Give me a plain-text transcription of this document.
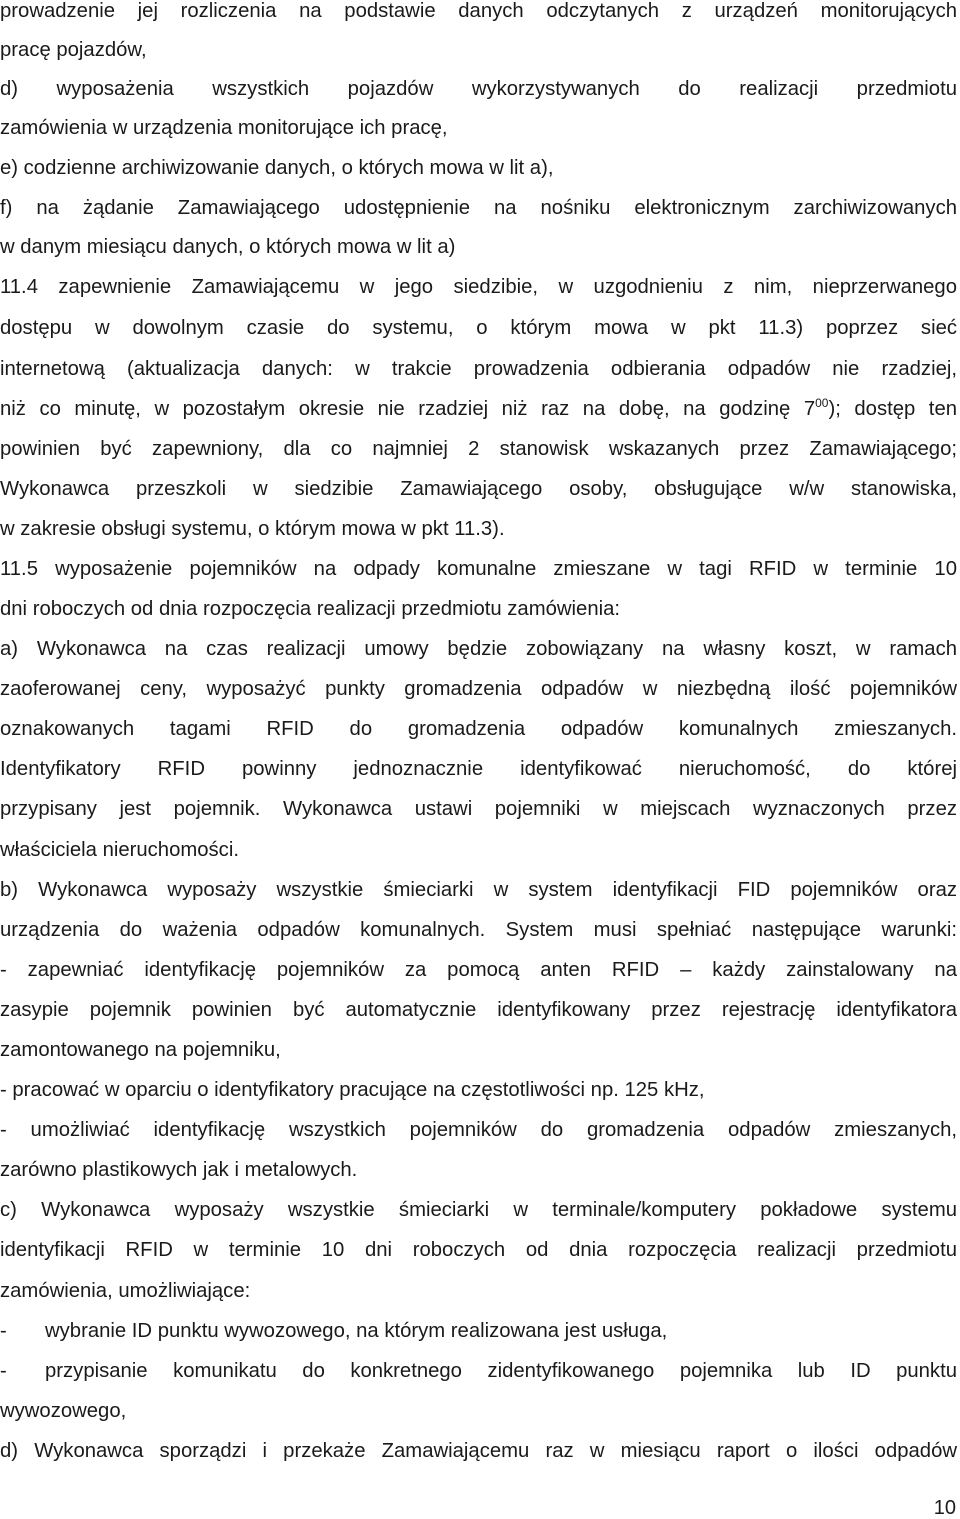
prowadzenie jej rozliczenia na podstawie danych odczytanych z urządzeń monitorujących
pracę pojazdów,
d) wyposażenia wszystkich pojazdów wykorzystywanych do realizacji przedmiotu
zamówienia w urządzenia monitorujące ich pracę,
e) codzienne archiwizowanie danych, o których mowa w lit a),
f) na żądanie Zamawiającego udostępnienie na nośniku elektronicznym zarchiwizowanych
w danym miesiącu danych, o których mowa w lit a)
11.4 zapewnienie Zamawiającemu w jego siedzibie, w uzgodnieniu z nim, nieprzerwanego
dostępu w dowolnym czasie do systemu, o którym mowa w pkt 11.3) poprzez sieć
internetową (aktualizacja danych: w trakcie prowadzenia odbierania odpadów nie rzadziej,
niż co minutę, w pozostałym okresie nie rzadziej niż raz na dobę, na godzinę $7^{00}$); dostęp ten
powinien być zapewniony, dla co najmniej 2 stanowisk wskazanych przez Zamawiającego;
Wykonawca przeszkoli w siedzibie Zamawiającego osoby, obsługujące w/w stanowiska,
w zakresie obsługi systemu, o którym mowa w pkt 11.3).
11.5 wyposażenie pojemników na odpady komunalne zmieszane w tagi RFID w terminie 10
dni roboczych od dnia rozpoczęcia realizacji przedmiotu zamówienia:
a) Wykonawca na czas realizacji umowy będzie zobowiązany na własny koszt, w ramach
zaoferowanej ceny, wyposażyć punkty gromadzenia odpadów w niezbędną ilość pojemników
oznakowanych tagami RFID do gromadzenia odpadów komunalnych zmieszanych.
Identyfikatory RFID powinny jednoznacznie identyfikować nieruchomość, do której
przypisany jest pojemnik. Wykonawca ustawi pojemniki w miejscach wyznaczonych przez
właściciela nieruchomości.
b) Wykonawca wyposaży wszystkie śmieciarki w system identyfikacji FID pojemników oraz
urządzenia do ważenia odpadów komunalnych. System musi spełniać następujące warunki:
- zapewniać identyfikację pojemników za pomocą anten RFID – każdy zainstalowany na
zasypie pojemnik powinien być automatycznie identyfikowany przez rejestrację identyfikatora
zamontowanego na pojemniku,
- pracować w oparciu o identyfikatory pracujące na częstotliwości np. 125 kHz,
- umożliwiać identyfikację wszystkich pojemników do gromadzenia odpadów zmieszanych,
zarówno plastikowych jak i metalowych.
c) Wykonawca wyposaży wszystkie śmieciarki w terminale/komputery pokładowe systemu
identyfikacji RFID w terminie 10 dni roboczych od dnia rozpoczęcia realizacji przedmiotu
zamówienia, umożliwiające:
-	wybranie ID punktu wywozowego, na którym realizowana jest usługa,
-	przypisanie komunikatu do konkretnego zidentyfikowanego pojemnika lub ID punktu
wywozowego,
d) Wykonawca sporządzi i przekaże Zamawiającemu raz w miesiącu raport o ilości odpadów
10
